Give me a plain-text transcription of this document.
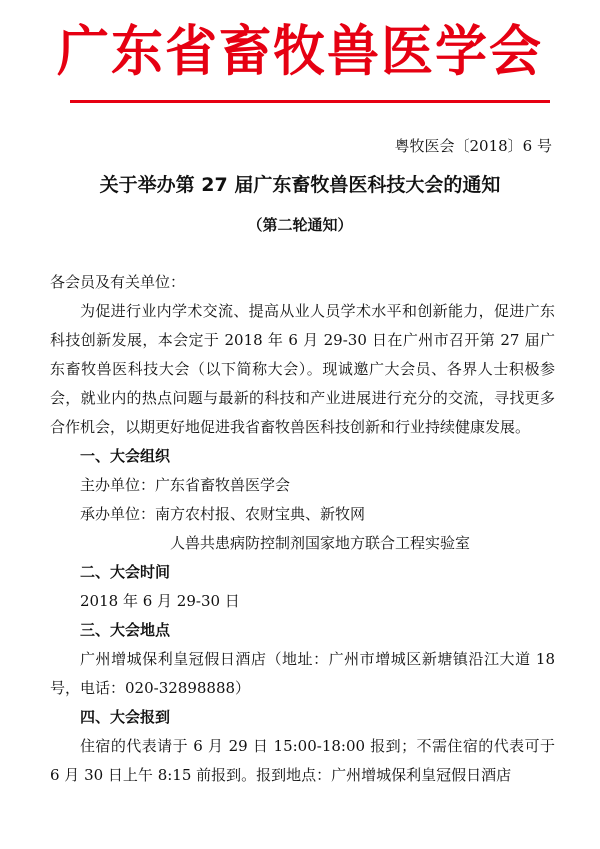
广东省畜牧兽医学会
粤牧医会〔2018〕6 号
关于举办第 27 届广东畜牧兽医科技大会的通知
（第二轮通知）

各会员及有关单位：

为促进行业内学术交流、提高从业人员学术水平和创新能力，促进广东科技创新发展，本会定于 2018 年 6 月 29-30 日在广州市召开第 27 届广东畜牧兽医科技大会（以下简称大会）。现诚邀广大会员、各界人士积极参会，就业内的热点问题与最新的科技和产业进展进行充分的交流，寻找更多合作机会，以期更好地促进我省畜牧兽医科技创新和行业持续健康发展。

一、大会组织

主办单位：广东省畜牧兽医学会

承办单位：南方农村报、农财宝典、新牧网

人兽共患病防控制剂国家地方联合工程实验室

二、大会时间

2018 年 6 月 29-30 日

三、大会地点

广州增城保利皇冠假日酒店（地址：广州市增城区新塘镇沿江大道 18 号，电话：020-32898888）

四、大会报到

住宿的代表请于 6 月 29 日 15:00-18:00 报到；不需住宿的代表可于 6 月 30 日上午 8:15 前报到。报到地点：广州增城保利皇冠假日酒店
